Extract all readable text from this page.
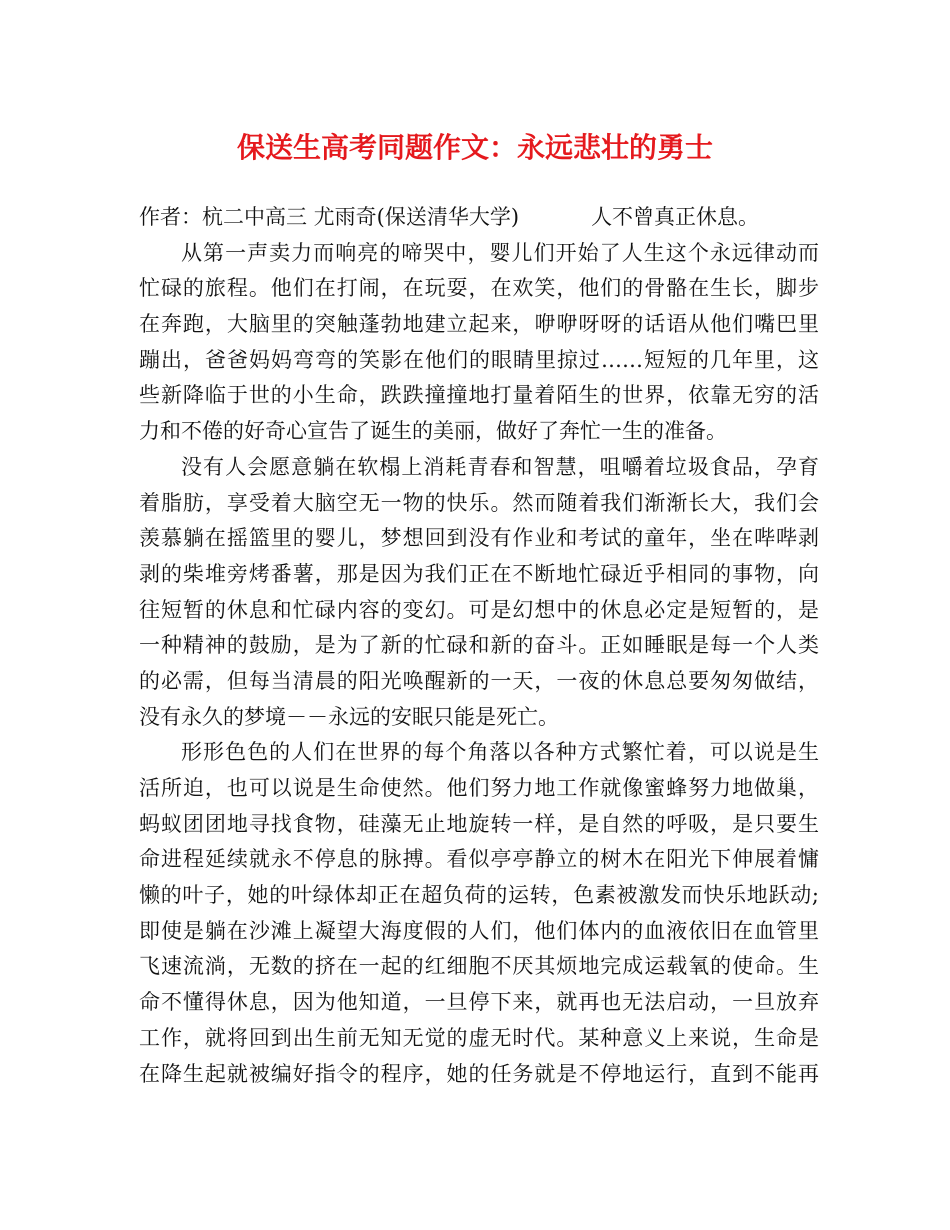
保送生高考同题作文：永远悲壮的勇士
作者：杭二中高三 尤雨奇(保送清华大学)	人不曾真正休息。
从第一声卖力而响亮的啼哭中，婴儿们开始了人生这个永远律动而
忙碌的旅程。他们在打闹，在玩耍，在欢笑，他们的骨骼在生长，脚步
在奔跑，大脑里的突触蓬勃地建立起来，咿咿呀呀的话语从他们嘴巴里
蹦出，爸爸妈妈弯弯的笑影在他们的眼睛里掠过……短短的几年里，这
些新降临于世的小生命，跌跌撞撞地打量着陌生的世界，依靠无穷的活
力和不倦的好奇心宣告了诞生的美丽，做好了奔忙一生的准备。
没有人会愿意躺在软榻上消耗青春和智慧，咀嚼着垃圾食品，孕育
着脂肪，享受着大脑空无一物的快乐。然而随着我们渐渐长大，我们会
羡慕躺在摇篮里的婴儿，梦想回到没有作业和考试的童年，坐在哔哔剥
剥的柴堆旁烤番薯，那是因为我们正在不断地忙碌近乎相同的事物，向
往短暂的休息和忙碌内容的变幻。可是幻想中的休息必定是短暂的，是
一种精神的鼓励，是为了新的忙碌和新的奋斗。正如睡眠是每一个人类
的必需，但每当清晨的阳光唤醒新的一天，一夜的休息总要匆匆做结，
没有永久的梦境－－永远的安眠只能是死亡。
形形色色的人们在世界的每个角落以各种方式繁忙着，可以说是生
活所迫，也可以说是生命使然。他们努力地工作就像蜜蜂努力地做巢，
蚂蚁团团地寻找食物，硅藻无止地旋转一样，是自然的呼吸，是只要生
命进程延续就永不停息的脉搏。看似亭亭静立的树木在阳光下伸展着慵
懒的叶子，她的叶绿体却正在超负荷的运转，色素被激发而快乐地跃动;
即使是躺在沙滩上凝望大海度假的人们，他们体内的血液依旧在血管里
飞速流淌，无数的挤在一起的红细胞不厌其烦地完成运载氧的使命。生
命不懂得休息，因为他知道，一旦停下来，就再也无法启动，一旦放弃
工作，就将回到出生前无知无觉的虚无时代。某种意义上来说，生命是
在降生起就被编好指令的程序，她的任务就是不停地运行，直到不能再
